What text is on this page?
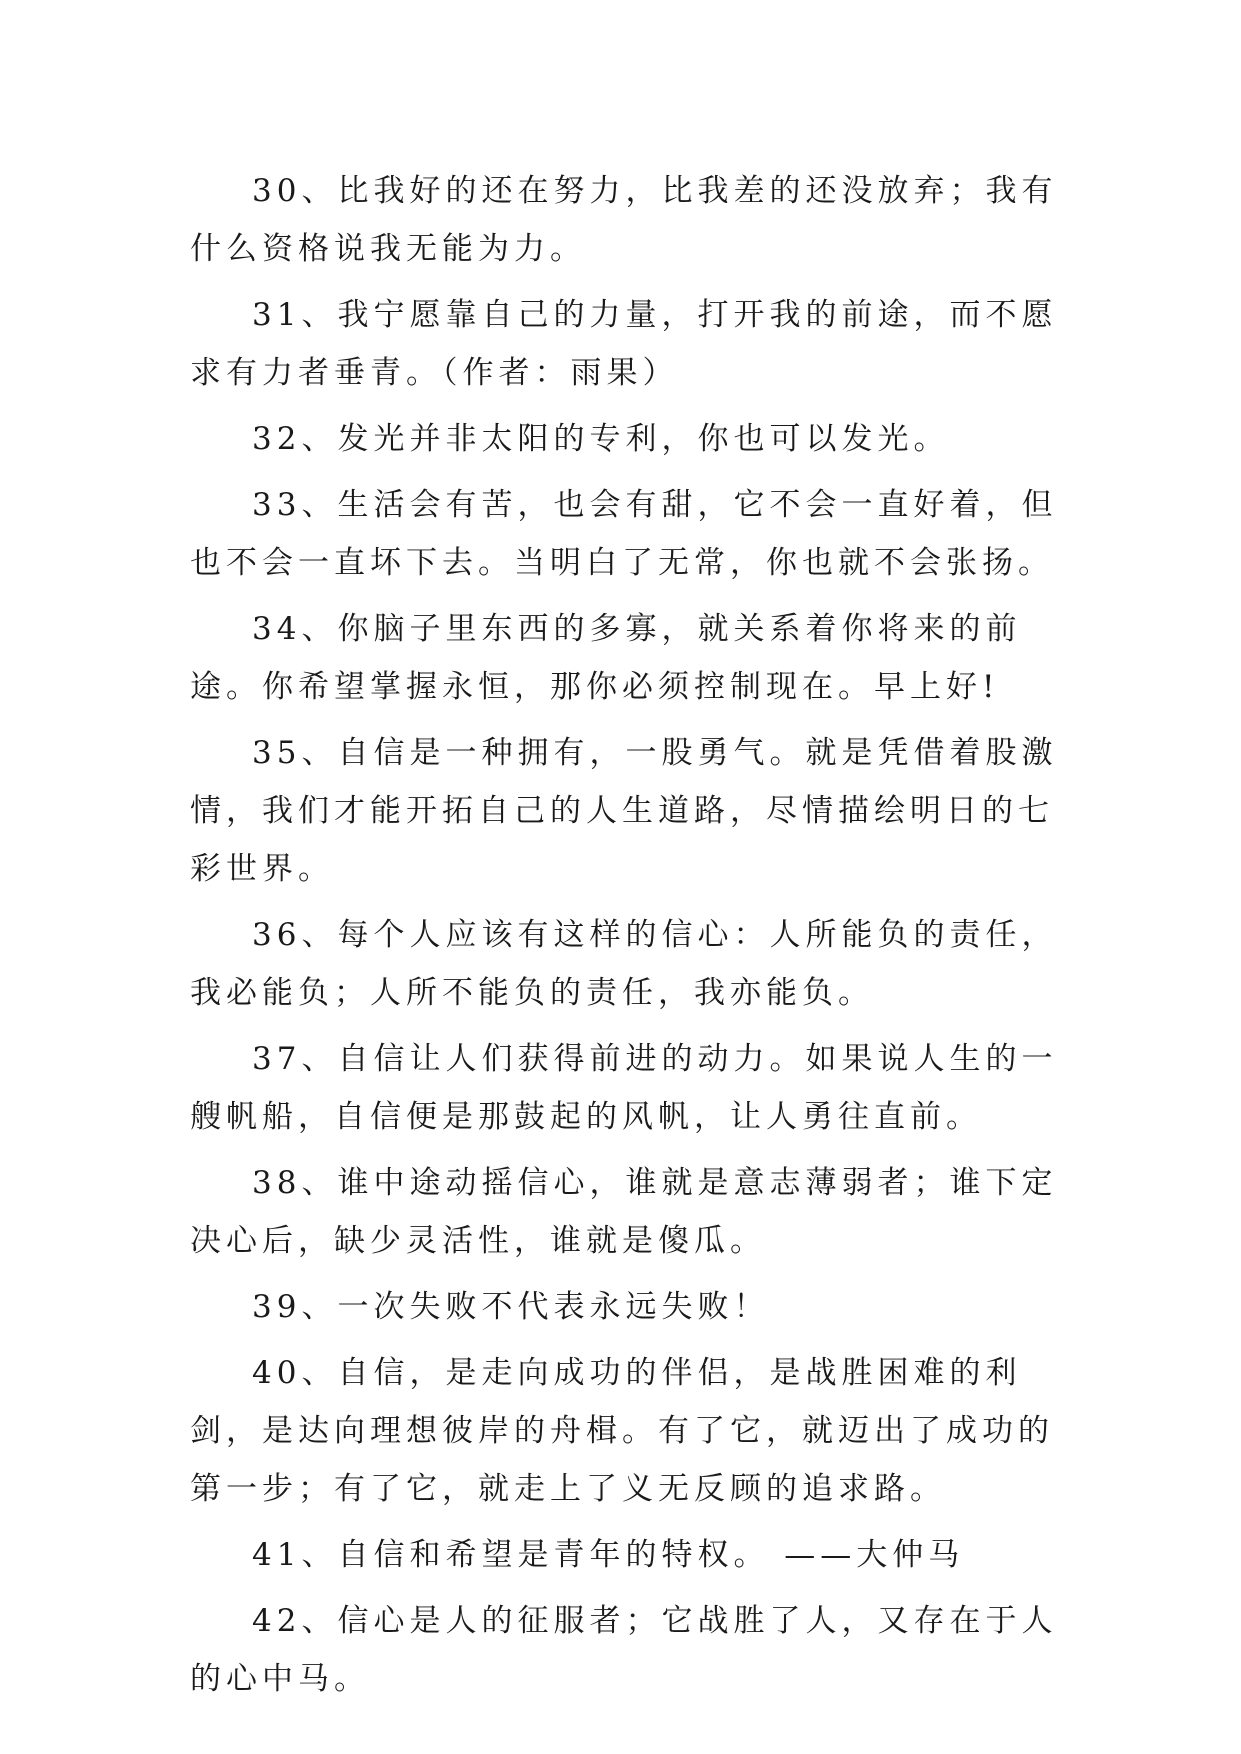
30、比我好的还在努力，比我差的还没放弃；我有什么资格说我无能为力。

31、我宁愿靠自己的力量，打开我的前途，而不愿求有力者垂青。（作者：雨果）

32、发光并非太阳的专利，你也可以发光。

33、生活会有苦，也会有甜，它不会一直好着，但也不会一直坏下去。当明白了无常，你也就不会张扬。

34、你脑子里东西的多寡，就关系着你将来的前途。你希望掌握永恒，那你必须控制现在。早上好!

35、自信是一种拥有，一股勇气。就是凭借着股激情，我们才能开拓自己的人生道路，尽情描绘明日的七彩世界。

36、每个人应该有这样的信心：人所能负的责任，我必能负；人所不能负的责任，我亦能负。

37、自信让人们获得前进的动力。如果说人生的一艘帆船，自信便是那鼓起的风帆，让人勇往直前。

38、谁中途动摇信心，谁就是意志薄弱者；谁下定决心后，缺少灵活性，谁就是傻瓜。

39、一次失败不代表永远失败！

40、自信，是走向成功的伴侣，是战胜困难的利剑，是达向理想彼岸的舟楫。有了它，就迈出了成功的第一步；有了它，就走上了义无反顾的追求路。

41、自信和希望是青年的特权。 ——大仲马

42、信心是人的征服者；它战胜了人，又存在于人的心中马。
